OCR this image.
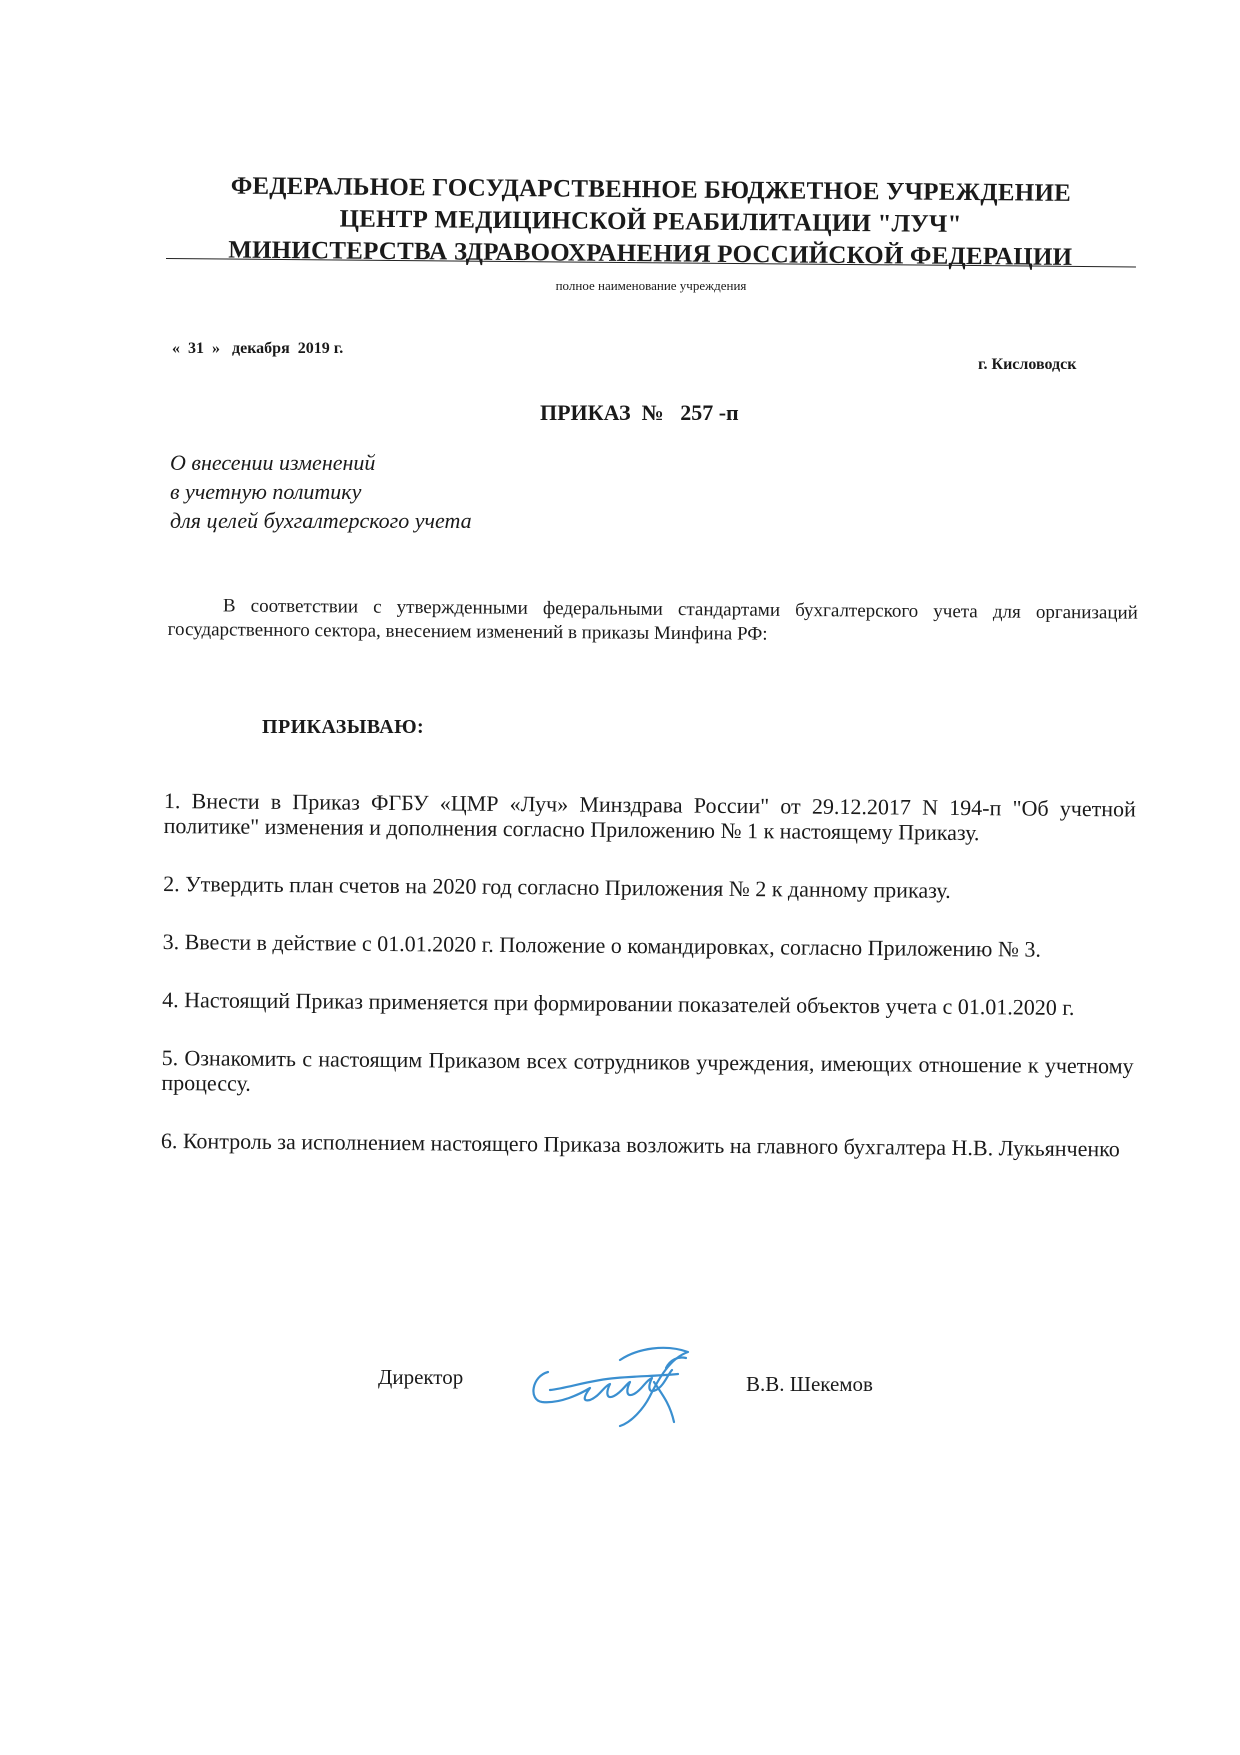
ФЕДЕРАЛЬНОЕ ГОСУДАРСТВЕННОЕ БЮДЖЕТНОЕ УЧРЕЖДЕНИЕ
ЦЕНТР МЕДИЦИНСКОЙ РЕАБИЛИТАЦИИ "ЛУЧ"
МИНИСТЕРСТВА ЗДРАВООХРАНЕНИЯ РОССИЙСКОЙ ФЕДЕРАЦИИ
полное наименование учреждения
« 31 » декабря 2019 г.
г. Кисловодск
ПРИКАЗ № 257 -п
О внесении изменений
в учетную политику
для целей бухгалтерского учета
В соответствии с утвержденными федеральными стандартами бухгалтерского учета для организаций государственного сектора, внесением изменений в приказы Минфина РФ:
ПРИКАЗЫВАЮ:
1. Внести в Приказ ФГБУ «ЦМР «Луч» Минздрава России" от 29.12.2017 N 194-п "Об учетной политике" изменения и дополнения согласно Приложению № 1 к настоящему Приказу.
2. Утвердить план счетов на 2020 год согласно Приложения № 2 к данному приказу.
3. Ввести в действие с 01.01.2020 г. Положение о командировках, согласно Приложению № 3.
4. Настоящий Приказ применяется при формировании показателей объектов учета с 01.01.2020 г.
5. Ознакомить с настоящим Приказом всех сотрудников учреждения, имеющих отношение к учетному процессу.
6. Контроль за исполнением настоящего Приказа возложить на главного бухгалтера Н.В. Лукьянченко
Директор	В.В. Шекемов
